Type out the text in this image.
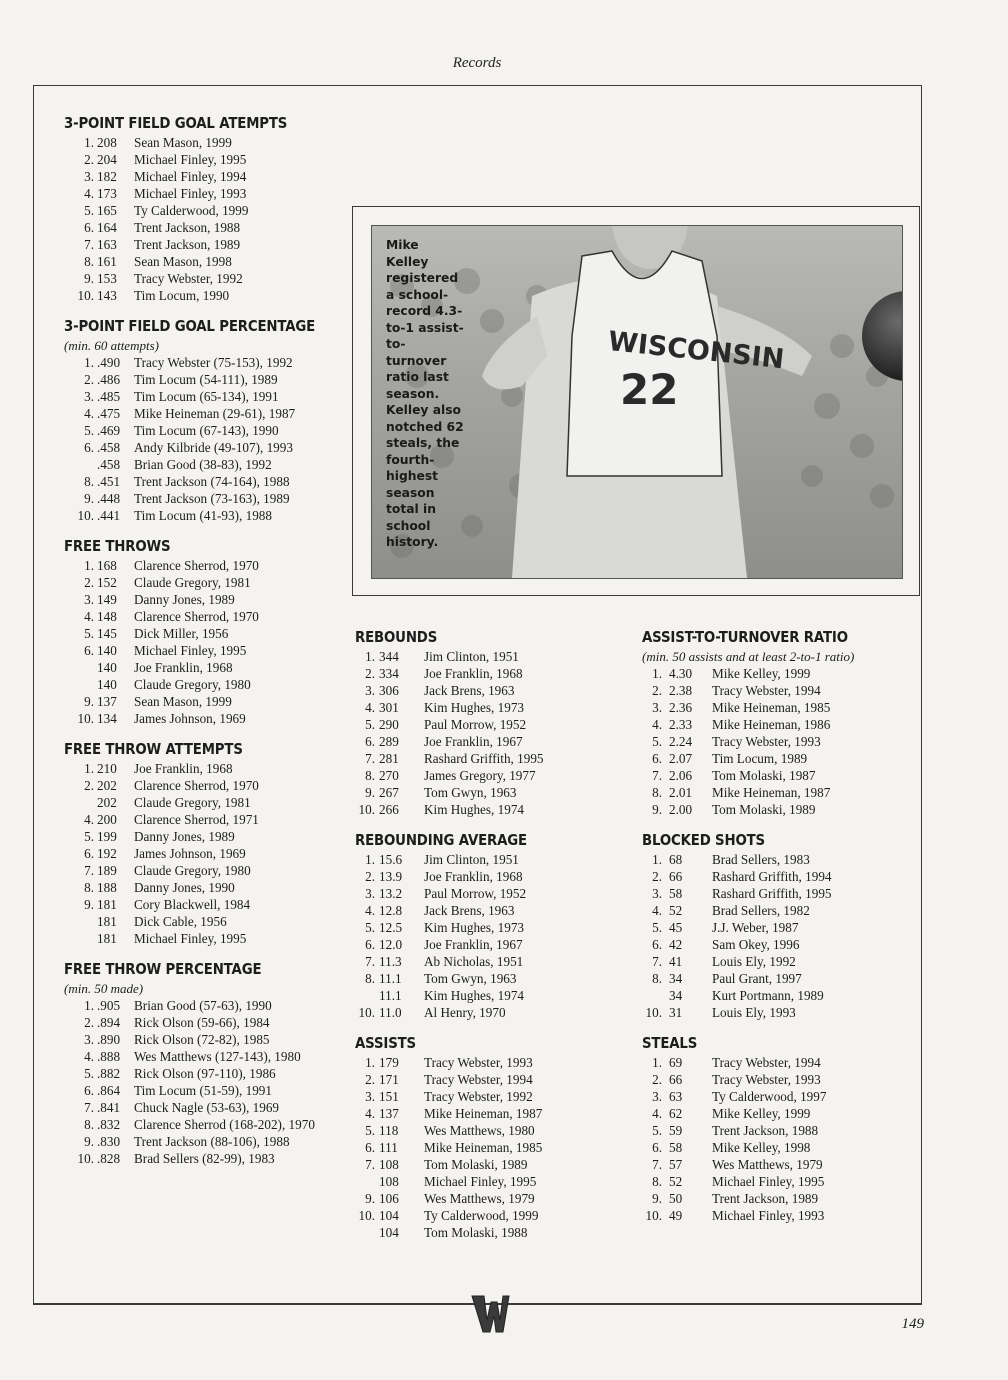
Records
WISCONSIN
22
Mike Kelley registered a school-record 4.3-to-1 assist-to-turnover ratio last season. Kelley also notched 62 steals, the fourth-highest season total in school history.
3-POINT FIELD GOAL ATEMPTS
1. 208 Sean Mason, 1999
2. 204 Michael Finley, 1995
3. 182 Michael Finley, 1994
4. 173 Michael Finley, 1993
5. 165 Ty Calderwood, 1999
6. 164 Trent Jackson, 1988
7. 163 Trent Jackson, 1989
8. 161 Sean Mason, 1998
9. 153 Tracy Webster, 1992
10. 143 Tim Locum, 1990
3-POINT FIELD GOAL PERCENTAGE
(min. 60 attempts)
1. .490 Tracy Webster (75-153), 1992
2. .486 Tim Locum (54-111), 1989
3. .485 Tim Locum (65-134), 1991
4. .475 Mike Heineman (29-61), 1987
5. .469 Tim Locum (67-143), 1990
6. .458 Andy Kilbride (49-107), 1993
.458 Brian Good (38-83), 1992
8. .451 Trent Jackson (74-164), 1988
9. .448 Trent Jackson (73-163), 1989
10. .441 Tim Locum (41-93), 1988
FREE THROWS
1. 168 Clarence Sherrod, 1970
2. 152 Claude Gregory, 1981
3. 149 Danny Jones, 1989
4. 148 Clarence Sherrod, 1970
5. 145 Dick Miller, 1956
6. 140 Michael Finley, 1995
140 Joe Franklin, 1968
140 Claude Gregory, 1980
9. 137 Sean Mason, 1999
10. 134 James Johnson, 1969
FREE THROW ATTEMPTS
1. 210 Joe Franklin, 1968
2. 202 Clarence Sherrod, 1970
202 Claude Gregory, 1981
4. 200 Clarence Sherrod, 1971
5. 199 Danny Jones, 1989
6. 192 James Johnson, 1969
7. 189 Claude Gregory, 1980
8. 188 Danny Jones, 1990
9. 181 Cory Blackwell, 1984
181 Dick Cable, 1956
181 Michael Finley, 1995
FREE THROW PERCENTAGE
(min. 50 made)
1. .905 Brian Good (57-63), 1990
2. .894 Rick Olson (59-66), 1984
3. .890 Rick Olson (72-82), 1985
4. .888 Wes Matthews (127-143), 1980
5. .882 Rick Olson (97-110), 1986
6. .864 Tim Locum (51-59), 1991
7. .841 Chuck Nagle (53-63), 1969
8. .832 Clarence Sherrod (168-202), 1970
9. .830 Trent Jackson (88-106), 1988
10. .828 Brad Sellers (82-99), 1983
REBOUNDS
1. 344 Jim Clinton, 1951
2. 334 Joe Franklin, 1968
3. 306 Jack Brens, 1963
4. 301 Kim Hughes, 1973
5. 290 Paul Morrow, 1952
6. 289 Joe Franklin, 1967
7. 281 Rashard Griffith, 1995
8. 270 James Gregory, 1977
9. 267 Tom Gwyn, 1963
10. 266 Kim Hughes, 1974
REBOUNDING AVERAGE
1. 15.6 Jim Clinton, 1951
2. 13.9 Joe Franklin, 1968
3. 13.2 Paul Morrow, 1952
4. 12.8 Jack Brens, 1963
5. 12.5 Kim Hughes, 1973
6. 12.0 Joe Franklin, 1967
7. 11.3 Ab Nicholas, 1951
8. 11.1 Tom Gwyn, 1963
11.1 Kim Hughes, 1974
10. 11.0 Al Henry, 1970
ASSISTS
1. 179 Tracy Webster, 1993
2. 171 Tracy Webster, 1994
3. 151 Tracy Webster, 1992
4. 137 Mike Heineman, 1987
5. 118 Wes Matthews, 1980
6. 111 Mike Heineman, 1985
7. 108 Tom Molaski, 1989
108 Michael Finley, 1995
9. 106 Wes Matthews, 1979
10. 104 Ty Calderwood, 1999
104 Tom Molaski, 1988
ASSIST-TO-TURNOVER RATIO
(min. 50 assists and at least 2-to-1 ratio)
1. 4.30 Mike Kelley, 1999
2. 2.38 Tracy Webster, 1994
3. 2.36 Mike Heineman, 1985
4. 2.33 Mike Heineman, 1986
5. 2.24 Tracy Webster, 1993
6. 2.07 Tim Locum, 1989
7. 2.06 Tom Molaski, 1987
8. 2.01 Mike Heineman, 1987
9. 2.00 Tom Molaski, 1989
BLOCKED SHOTS
1. 68 Brad Sellers, 1983
2. 66 Rashard Griffith, 1994
3. 58 Rashard Griffith, 1995
4. 52 Brad Sellers, 1982
5. 45 J.J. Weber, 1987
6. 42 Sam Okey, 1996
7. 41 Louis Ely, 1992
8. 34 Paul Grant, 1997
34 Kurt Portmann, 1989
10. 31 Louis Ely, 1993
STEALS
1. 69 Tracy Webster, 1994
2. 66 Tracy Webster, 1993
3. 63 Ty Calderwood, 1997
4. 62 Mike Kelley, 1999
5. 59 Trent Jackson, 1988
6. 58 Mike Kelley, 1998
7. 57 Wes Matthews, 1979
8. 52 Michael Finley, 1995
9. 50 Trent Jackson, 1989
10. 49 Michael Finley, 1993
149
